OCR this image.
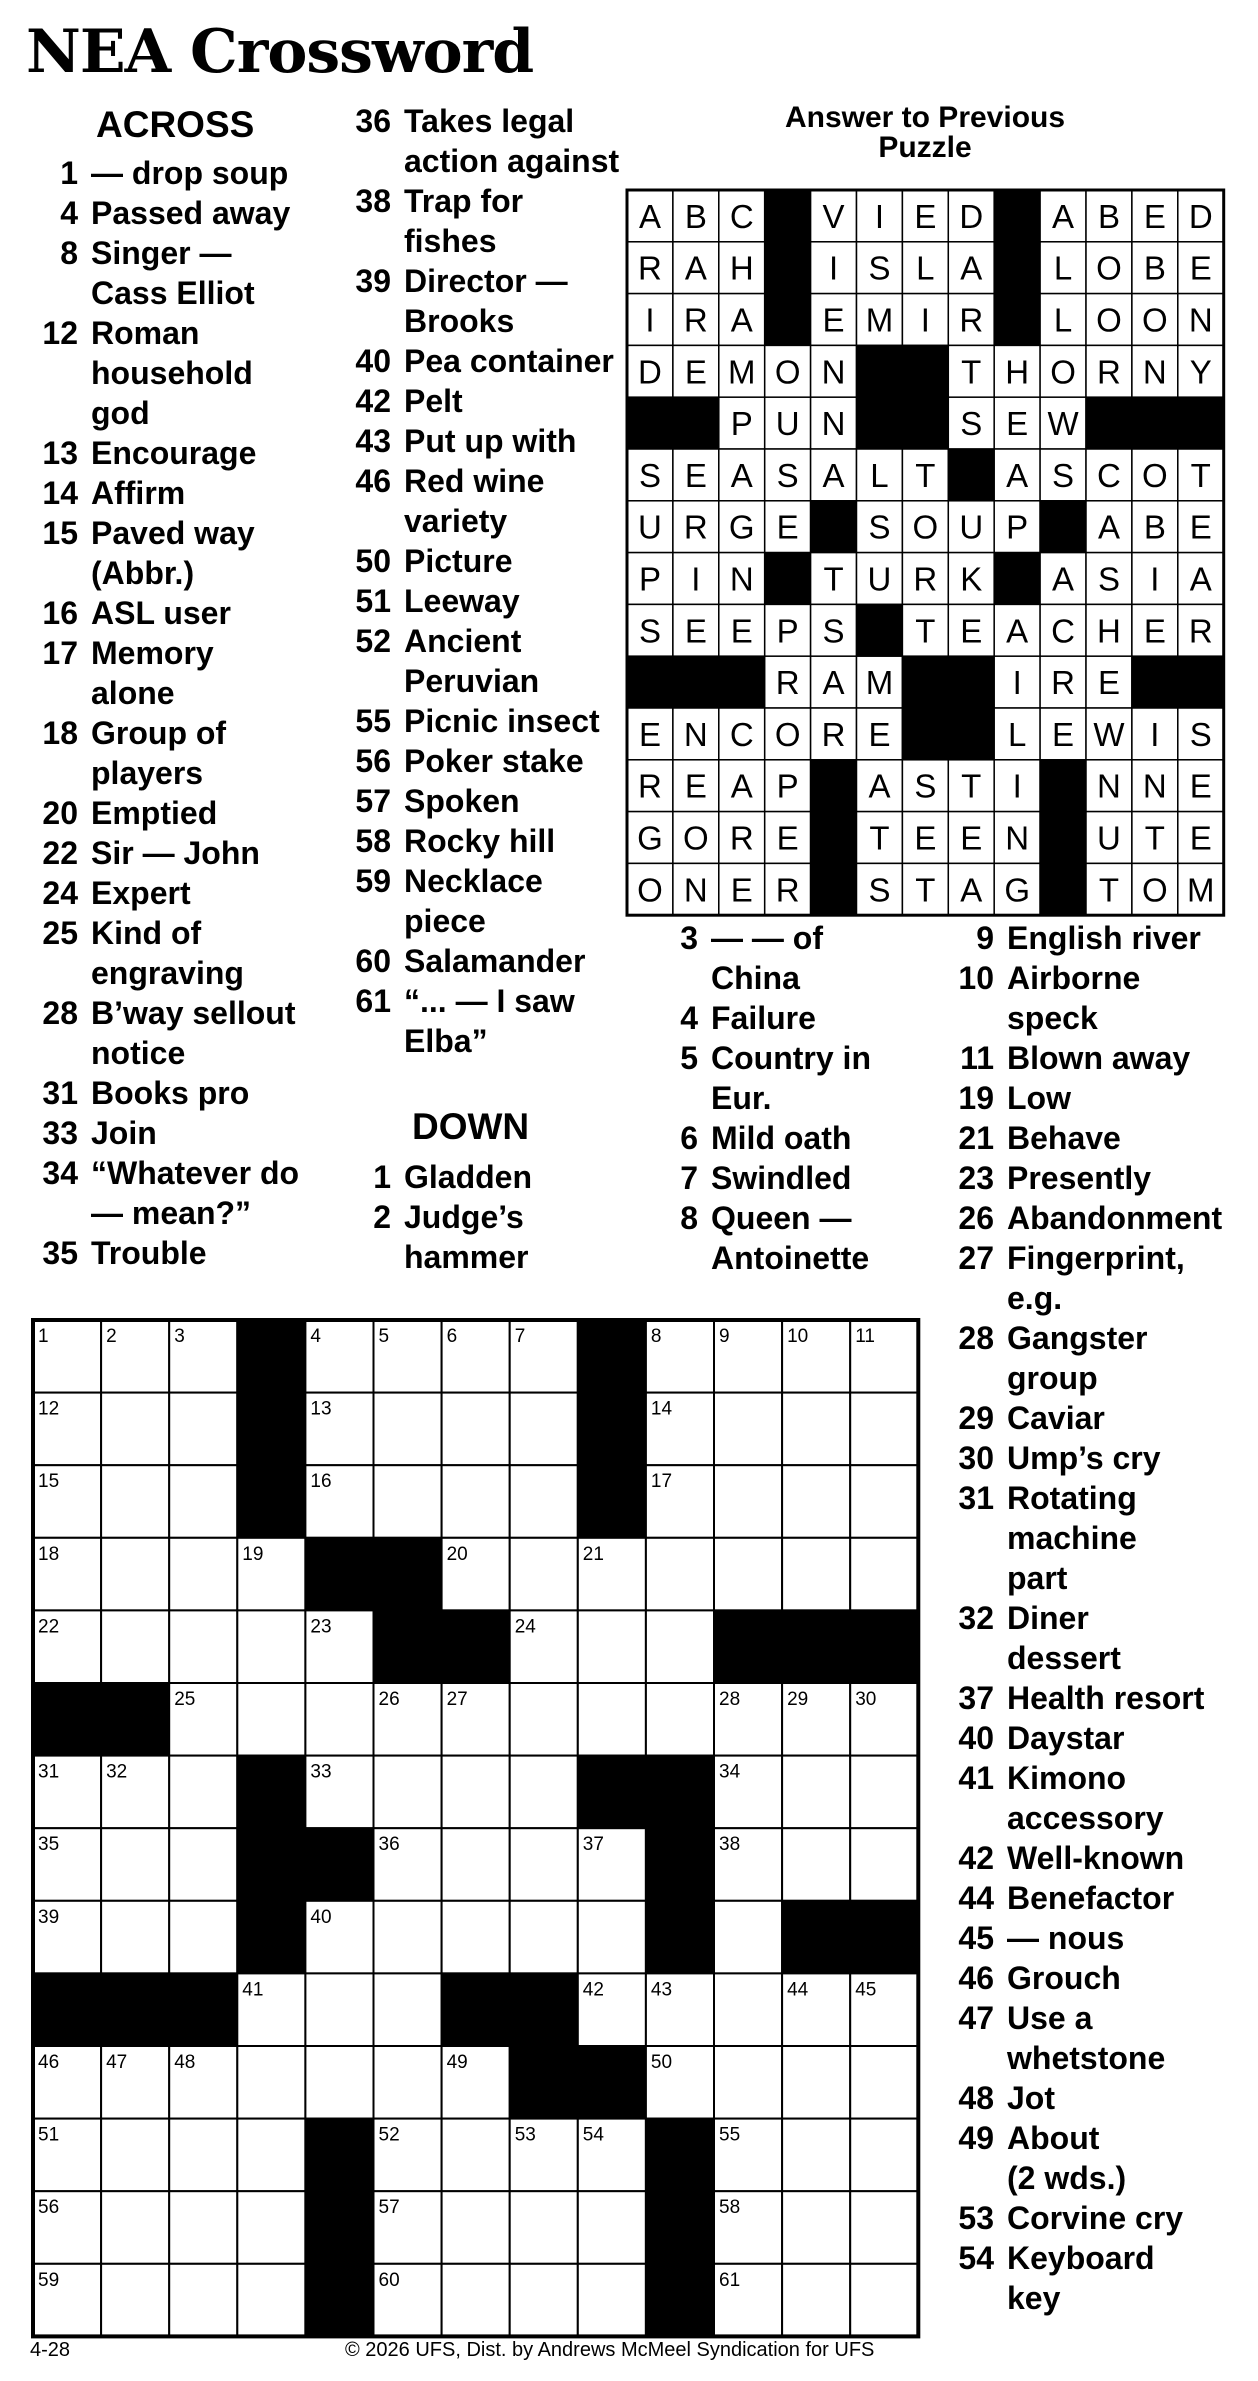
NEA Crossword
ACROSS
DOWN
Answer to Previous Puzzle
1 — drop soup
4 Passed away
8 Singer —
Cass Elliot
12 Roman
household
god
13 Encourage
14 Affirm
15 Paved way
(Abbr.)
16 ASL user
17 Memory
alone
18 Group of
players
20 Emptied
22 Sir — John
24 Expert
25 Kind of
engraving
28 B’way sellout
notice
31 Books pro
33 Join
34 “Whatever do
— mean?”
35 Trouble
36 Takes legal
action against
38 Trap for
fishes
39 Director —
Brooks
40 Pea container
42 Pelt
43 Put up with
46 Red wine
variety
50 Picture
51 Leeway
52 Ancient
Peruvian
55 Picnic insect
56 Poker stake
57 Spoken
58 Rocky hill
59 Necklace
piece
60 Salamander
61 “... — I saw
Elba”
1 Gladden
2 Judge’s
hammer
3 — — of
China
4 Failure
5 Country in
Eur.
6 Mild oath
7 Swindled
8 Queen —
Antoinette
9 English river
10 Airborne
speck
11 Blown away
19 Low
21 Behave
23 Presently
26 Abandonment
27 Fingerprint,
e.g.
28 Gangster
group
29 Caviar
30 Ump’s cry
31 Rotating
machine
part
32 Diner
dessert
37 Health resort
40 Daystar
41 Kimono
accessory
42 Well-known
44 Benefactor
45 — nous
46 Grouch
47 Use a
whetstone
48 Jot
49 About
(2 wds.)
53 Corvine cry
54 Keyboard
key
A B C V I E D A B E D
R A H I S L A L O B E
I R A E M I R L O O N
D E M O N	T H O R N Y
P U N	S E W
S E A S A L T A S C O T
U R G E S O U P A B E
P I N T U R K A S I A
S E E P S T E A C H E R
R A M	I R E
E N C O R E	L E W I S
R E A P A S T I N N E
G O R E T E E N U T E
O N E R S T A G T O M
1	2	3	4	5	6	7	8	9	10 11
12	13	14
15	16	17
18	19	20	21
22	23	24
25	26 27	28 29 30
31 32	33	34
35	36	37	38
39	40
41	42 43	44 45
46 47 48	49	50
51	52	53 54	55
56	57	58
59	60	61
4-28	© 2026 UFS, Dist. by Andrews McMeel Syndication for UFS
